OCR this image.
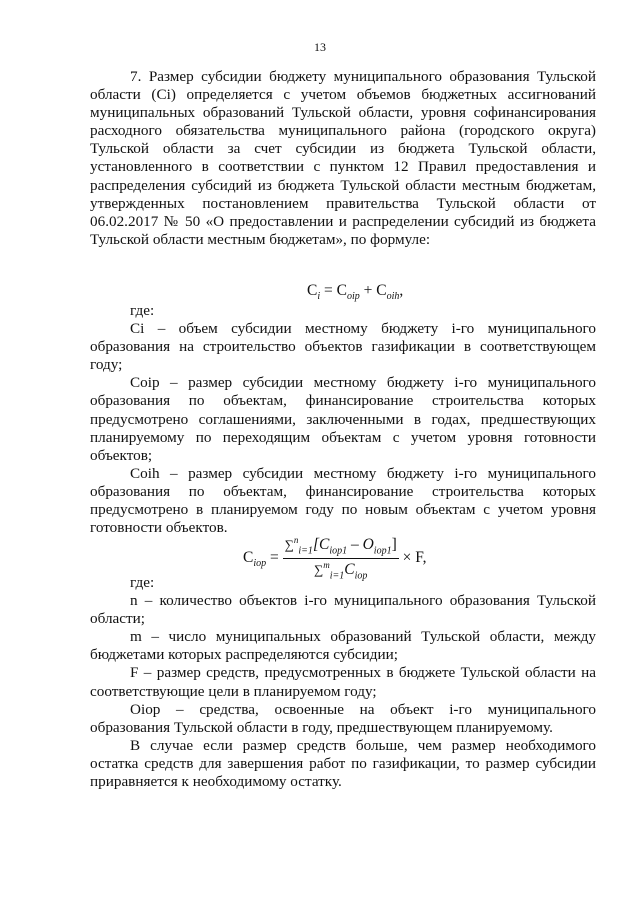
13

7. Размер субсидии бюджету муниципального образования Тульской области (Сi) определяется с учетом объемов бюджетных ассигнований муниципальных образований Тульской области, уровня софинансирования расходного обязательства муниципального района (городского округа) Тульской области за счет субсидии из бюджета Тульской области, установленного в соответствии с пунктом 12 Правил предоставления и распределения субсидий из бюджета Тульской области местным бюджетам, утвержденных постановлением правительства Тульской области от 06.02.2017 № 50 «О предоставлении и распределении субсидий из бюджета Тульской области местным бюджетам», по формуле:

$С_i = С_{oip} + С_{oih}$,

где:

Сi – объем субсидии местному бюджету i-го муниципального образования на строительство объектов газификации в соответствующем году;

Сoip – размер субсидии местному бюджету i-го муниципального образования по объектам, финансирование строительства которых предусмотрено соглашениями, заключенными в годах, предшествующих планируемому по переходящим объектам с учетом уровня готовности объектов;

Сoih – размер субсидии местному бюджету i-го муниципального образования по объектам, финансирование строительства которых предусмотрено в планируемом году по новым объектам с учетом уровня готовности объектов.

$С_{iop} = \frac{\sum^n_{i=1}[C_{iop1} - O_{iop1}]}{\sum^m_{i=1}C_{iop}} \times F$,

где:

n – количество объектов i-го муниципального образования Тульской области;

m – число муниципальных образований Тульской области, между бюджетами которых распределяются субсидии;

F – размер средств, предусмотренных в бюджете Тульской области на соответствующие цели в планируемом году;

Oiop – средства, освоенные на объект i-го муниципального образования Тульской области в году, предшествующем планируемому.

В случае если размер средств больше, чем размер необходимого остатка средств для завершения работ по газификации, то размер субсидии приравняется к необходимому остатку.
